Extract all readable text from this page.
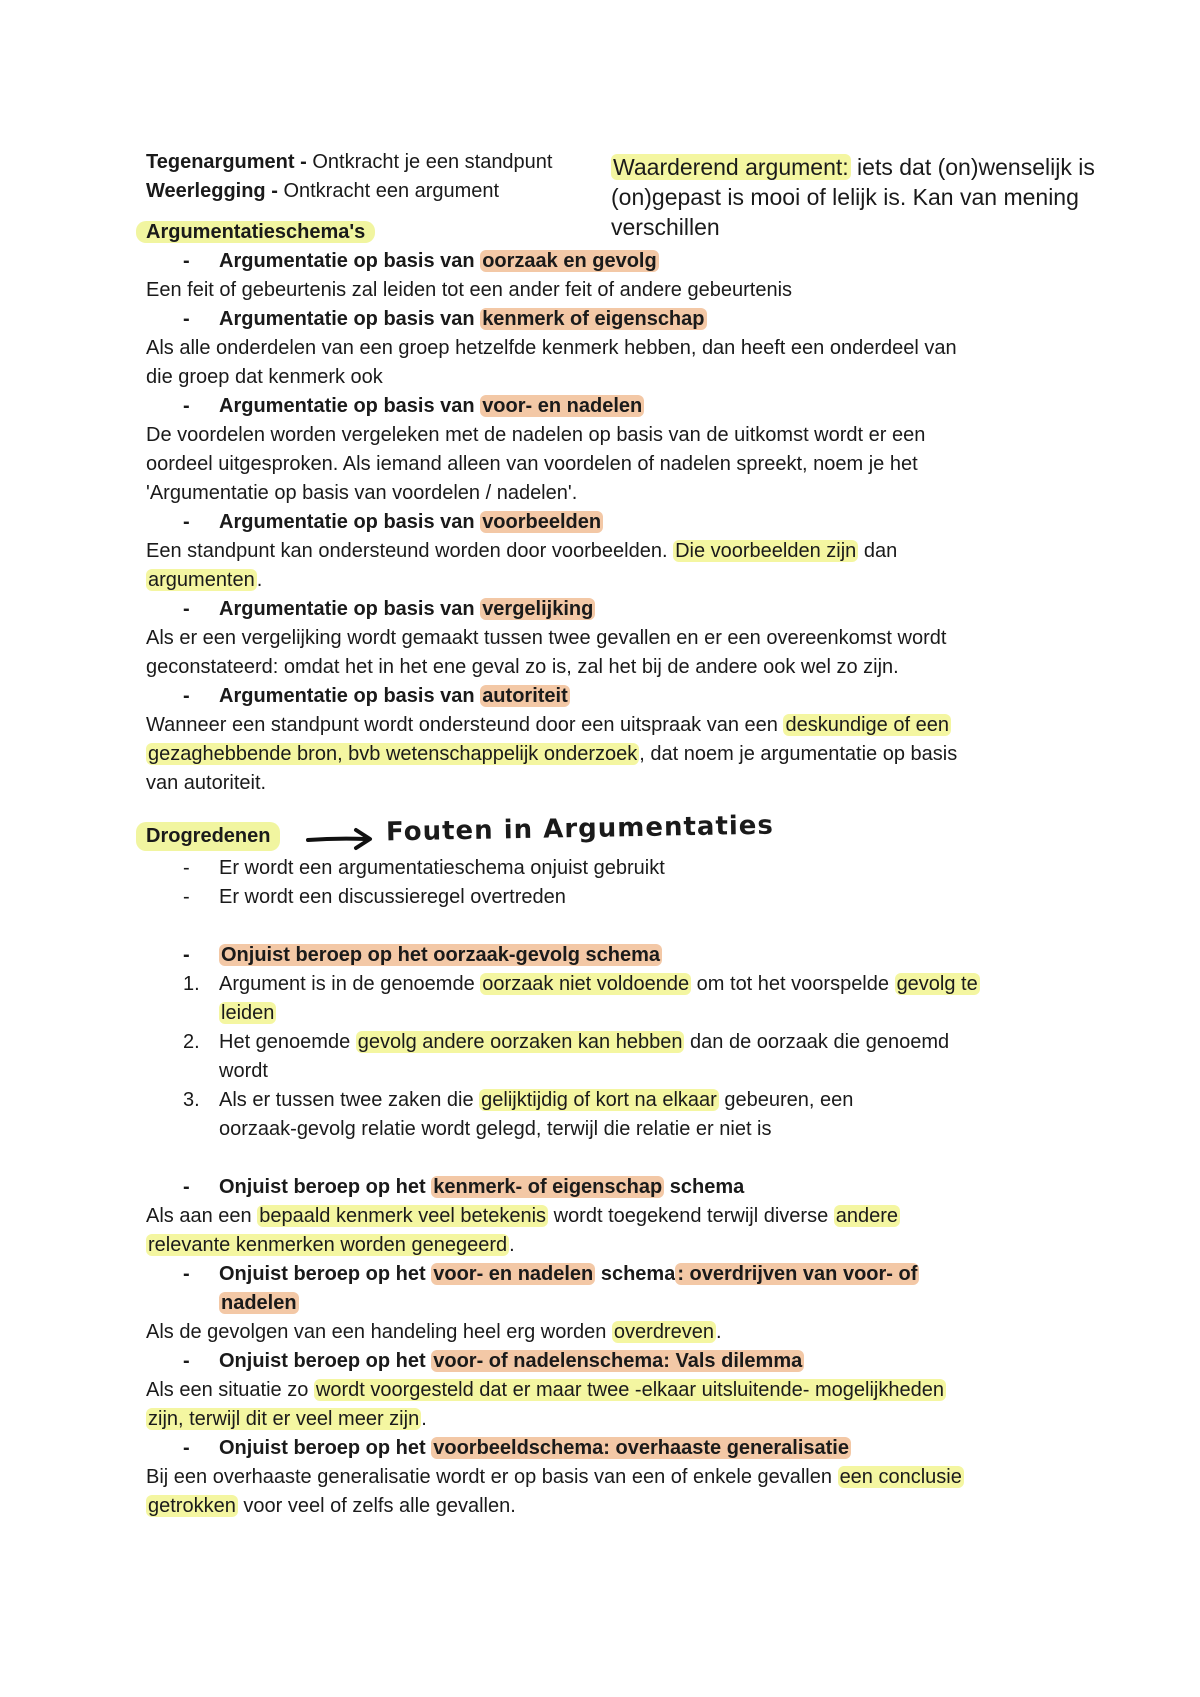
Waarderend argument: iets dat (on)wenselijk is (on)gepast is mooi of lelijk is. Kan van mening verschillen
Tegenargument - Ontkracht je een standpunt
Weerlegging - Ontkracht een argument
Argumentatieschema's
- Argumentatie op basis van oorzaak en gevolg
Een feit of gebeurtenis zal leiden tot een ander feit of andere gebeurtenis
- Argumentatie op basis van kenmerk of eigenschap
Als alle onderdelen van een groep hetzelfde kenmerk hebben, dan heeft een onderdeel van
die groep dat kenmerk ook
- Argumentatie op basis van voor- en nadelen
De voordelen worden vergeleken met de nadelen op basis van de uitkomst wordt er een
oordeel uitgesproken. Als iemand alleen van voordelen of nadelen spreekt, noem je het
'Argumentatie op basis van voordelen / nadelen'.
- Argumentatie op basis van voorbeelden
Een standpunt kan ondersteund worden door voorbeelden. Die voorbeelden zijn dan
argumenten .
- Argumentatie op basis van vergelijking
Als er een vergelijking wordt gemaakt tussen twee gevallen en er een overeenkomst wordt
geconstateerd: omdat het in het ene geval zo is, zal het bij de andere ook wel zo zijn.
- Argumentatie op basis van autoriteit
Wanneer een standpunt wordt ondersteund door een uitspraak van een deskundige of een
gezaghebbende bron, bvb wetenschappelijk onderzoek , dat noem je argumentatie op basis
van autoriteit.
Drogredenen	Fouten in Argumentaties
- Er wordt een argumentatieschema onjuist gebruikt
- Er wordt een discussieregel overtreden
- Onjuist beroep op het oorzaak-gevolg schema
1. Argument is in de genoemde oorzaak niet voldoende om tot het voorspelde gevolg te
leiden
2. Het genoemde gevolg andere oorzaken kan hebben dan de oorzaak die genoemd
wordt
3. Als er tussen twee zaken die gelijktijdig of kort na elkaar gebeuren, een
oorzaak-gevolg relatie wordt gelegd, terwijl die relatie er niet is
- Onjuist beroep op het kenmerk- of eigenschap schema
Als aan een bepaald kenmerk veel betekenis wordt toegekend terwijl diverse andere
relevante kenmerken worden genegeerd .
- Onjuist beroep op het voor- en nadelen schema : overdrijven van voor- of
nadelen
Als de gevolgen van een handeling heel erg worden overdreven .
- Onjuist beroep op het voor- of nadelenschema: Vals dilemma
Als een situatie zo wordt voorgesteld dat er maar twee -elkaar uitsluitende- mogelijkheden
zijn, terwijl dit er veel meer zijn .
- Onjuist beroep op het voorbeeldschema: overhaaste generalisatie
Bij een overhaaste generalisatie wordt er op basis van een of enkele gevallen een conclusie
getrokken voor veel of zelfs alle gevallen.
